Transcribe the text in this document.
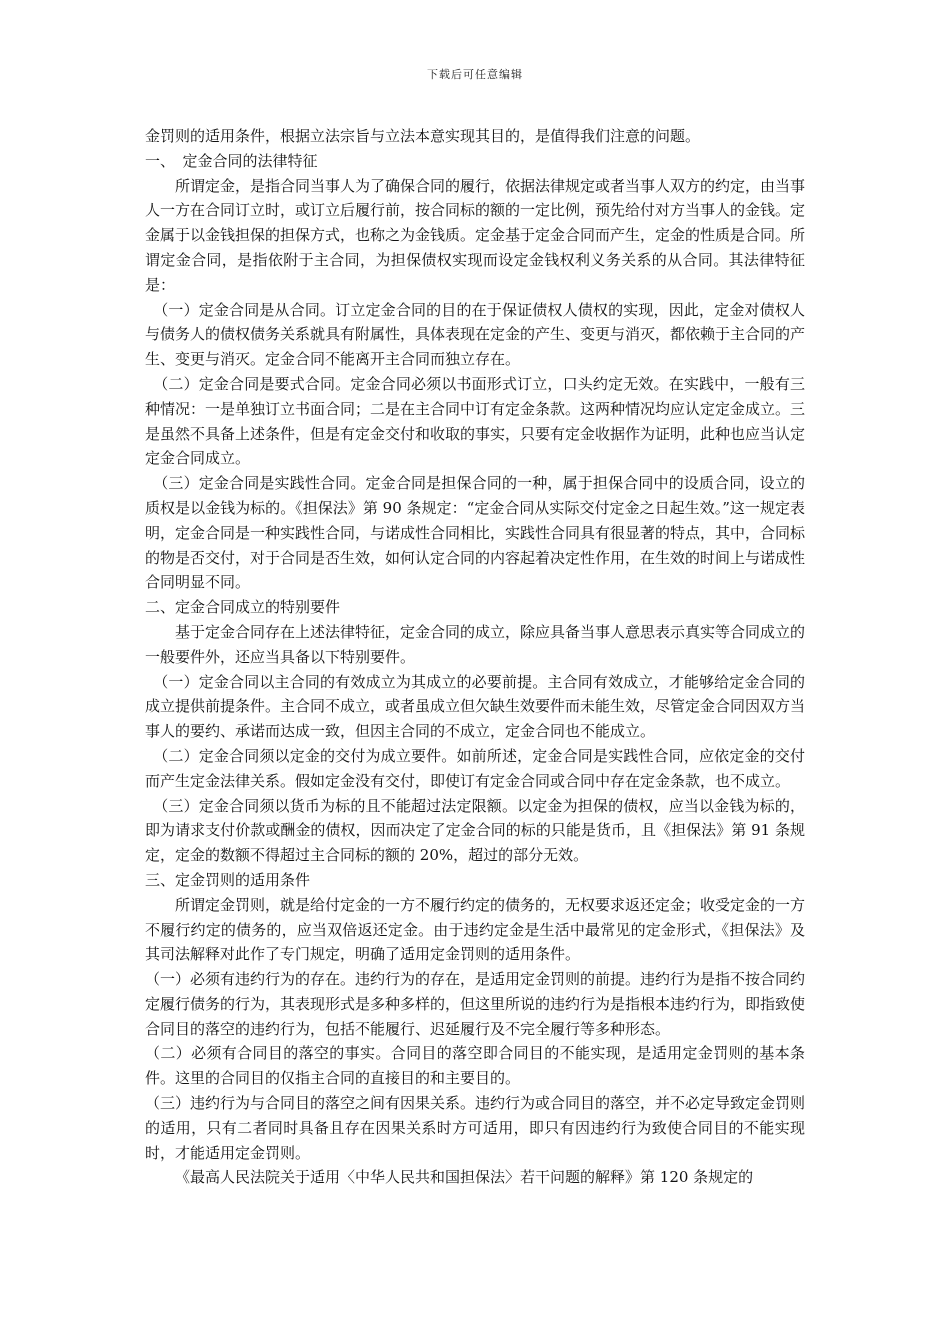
下载后可任意编辑

金罚则的适用条件，根据立法宗旨与立法本意实现其目的，是值得我们注意的问题。

一、　定金合同的法律特征

所谓定金，是指合同当事人为了确保合同的履行，依据法律规定或者当事人双方的约定，由当事人一方在合同订立时，或订立后履行前，按合同标的额的一定比例，预先给付对方当事人的金钱。定金属于以金钱担保的担保方式，也称之为金钱质。定金基于定金合同而产生，定金的性质是合同。所谓定金合同，是指依附于主合同，为担保债权实现而设定金钱权利义务关系的从合同。其法律特征是：

（一）定金合同是从合同。订立定金合同的目的在于保证债权人债权的实现，因此，定金对债权人与债务人的债权债务关系就具有附属性，具体表现在定金的产生、变更与消灭，都依赖于主合同的产生、变更与消灭。定金合同不能离开主合同而独立存在。

（二）定金合同是要式合同。定金合同必须以书面形式订立，口头约定无效。在实践中，一般有三种情况：一是单独订立书面合同；二是在主合同中订有定金条款。这两种情况均应认定定金成立。三是虽然不具备上述条件，但是有定金交付和收取的事实，只要有定金收据作为证明，此种也应当认定定金合同成立。

（三）定金合同是实践性合同。定金合同是担保合同的一种，属于担保合同中的设质合同，设立的质权是以金钱为标的。《担保法》第 90 条规定：“定金合同从实际交付定金之日起生效。”这一规定表明，定金合同是一种实践性合同，与诺成性合同相比，实践性合同具有很显著的特点，其中，合同标的物是否交付，对于合同是否生效，如何认定合同的内容起着决定性作用，在生效的时间上与诺成性合同明显不同。

二、定金合同成立的特别要件

基于定金合同存在上述法律特征，定金合同的成立，除应具备当事人意思表示真实等合同成立的一般要件外，还应当具备以下特别要件。

（一）定金合同以主合同的有效成立为其成立的必要前提。主合同有效成立，才能够给定金合同的成立提供前提条件。主合同不成立，或者虽成立但欠缺生效要件而未能生效，尽管定金合同因双方当事人的要约、承诺而达成一致，但因主合同的不成立，定金合同也不能成立。

（二）定金合同须以定金的交付为成立要件。如前所述，定金合同是实践性合同，应依定金的交付而产生定金法律关系。假如定金没有交付，即使订有定金合同或合同中存在定金条款，也不成立。

（三）定金合同须以货币为标的且不能超过法定限额。以定金为担保的债权，应当以金钱为标的，即为请求支付价款或酬金的债权，因而决定了定金合同的标的只能是货币，且《担保法》第 91 条规定，定金的数额不得超过主合同标的额的 20%，超过的部分无效。

三、定金罚则的适用条件

所谓定金罚则，就是给付定金的一方不履行约定的债务的，无权要求返还定金；收受定金的一方不履行约定的债务的，应当双倍返还定金。由于违约定金是生活中最常见的定金形式，《担保法》及其司法解释对此作了专门规定，明确了适用定金罚则的适用条件。

（一）必须有违约行为的存在。违约行为的存在，是适用定金罚则的前提。违约行为是指不按合同约定履行债务的行为，其表现形式是多种多样的，但这里所说的违约行为是指根本违约行为，即指致使合同目的落空的违约行为，包括不能履行、迟延履行及不完全履行等多种形态。

（二）必须有合同目的落空的事实。合同目的落空即合同目的不能实现，是适用定金罚则的基本条件。这里的合同目的仅指主合同的直接目的和主要目的。

（三）违约行为与合同目的落空之间有因果关系。违约行为或合同目的落空，并不必定导致定金罚则的适用，只有二者同时具备且存在因果关系时方可适用，即只有因违约行为致使合同目的不能实现时，才能适用定金罚则。

《最高人民法院关于适用〈中华人民共和国担保法〉若干问题的解释》第 120 条规定的
